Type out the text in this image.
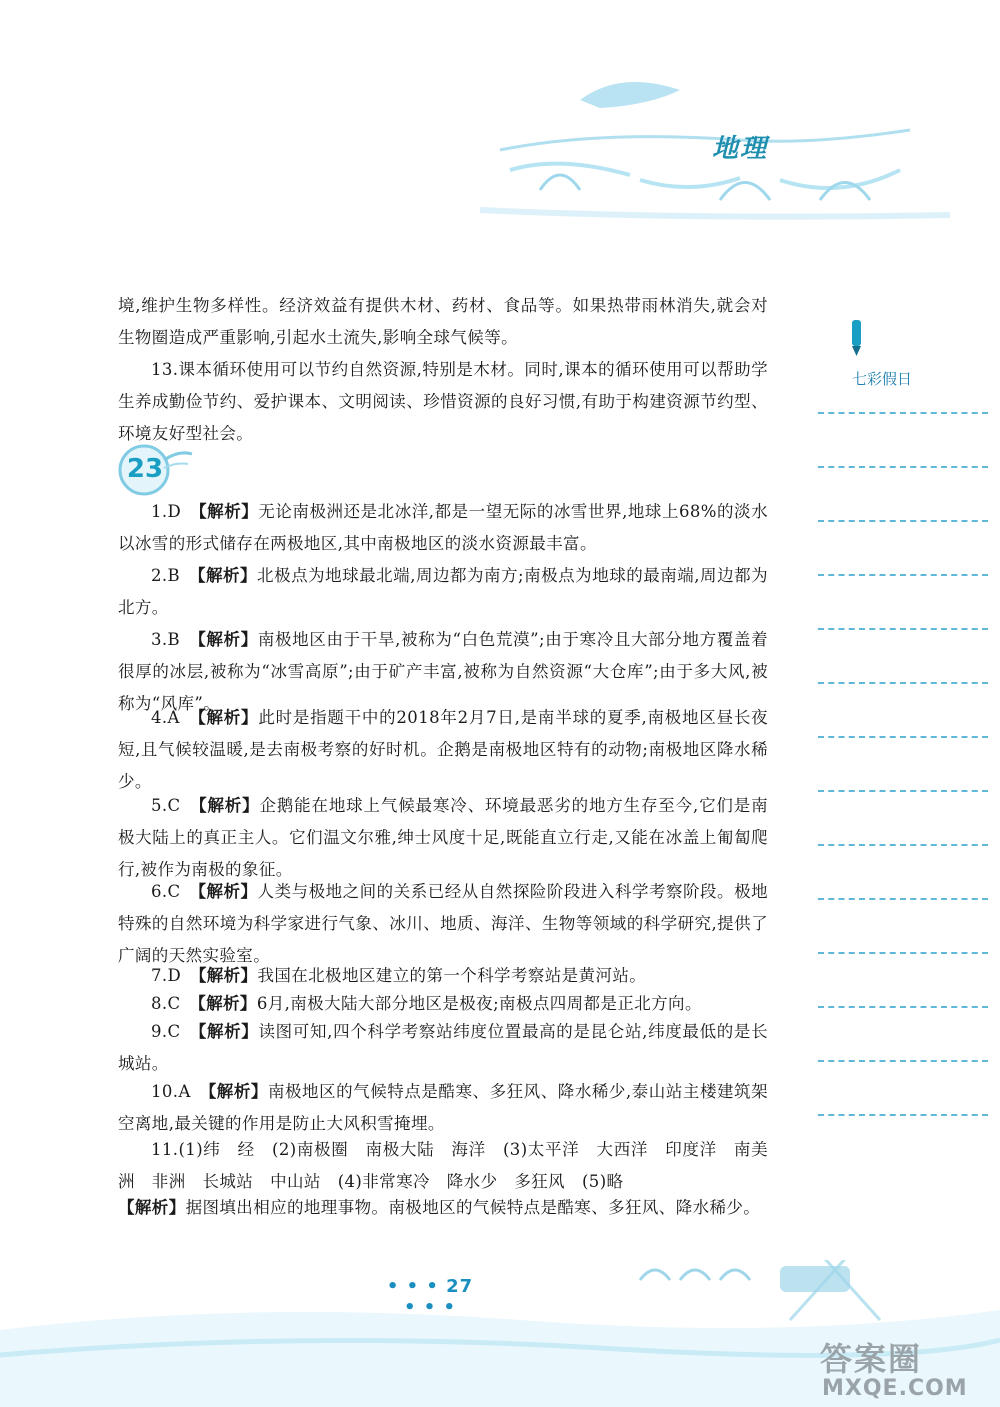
地理
七彩假日
23

境,维护生物多样性。经济效益有提供木材、药材、食品等。如果热带雨林消失,就会对生物圈造成严重影响,引起水土流失,影响全球气候等。

13.课本循环使用可以节约自然资源,特别是木材。同时,课本的循环使用可以帮助学生养成勤俭节约、爱护课本、文明阅读、珍惜资源的良好习惯,有助于构建资源节约型、环境友好型社会。

1.D　 【解析】无论南极洲还是北冰洋,都是一望无际的冰雪世界,地球上68%的淡水以冰雪的形式储存在两极地区,其中南极地区的淡水资源最丰富。

2.B　 【解析】北极点为地球最北端,周边都为南方;南极点为地球的最南端,周边都为北方。

3.B　 【解析】南极地区由于干旱,被称为“白色荒漠”;由于寒冷且大部分地方覆盖着很厚的冰层,被称为“冰雪高原”;由于矿产丰富,被称为自然资源“大仓库”;由于多大风,被称为“风库”。

4.A　 【解析】此时是指题干中的2018年2月7日,是南半球的夏季,南极地区昼长夜短,且气候较温暖,是去南极考察的好时机。企鹅是南极地区特有的动物;南极地区降水稀少。

5.C　 【解析】企鹅能在地球上气候最寒冷、环境最恶劣的地方生存至今,它们是南极大陆上的真正主人。它们温文尔雅,绅士风度十足,既能直立行走,又能在冰盖上匍匐爬行,被作为南极的象征。

6.C　 【解析】人类与极地之间的关系已经从自然探险阶段进入科学考察阶段。极地特殊的自然环境为科学家进行气象、冰川、地质、海洋、生物等领域的科学研究,提供了广阔的天然实验室。

7.D　 【解析】我国在北极地区建立的第一个科学考察站是黄河站。

8.C　 【解析】6月,南极大陆大部分地区是极夜;南极点四周都是正北方向。

9.C　 【解析】读图可知,四个科学考察站纬度位置最高的是昆仑站,纬度最低的是长城站。

10.A　 【解析】南极地区的气候特点是酷寒、多狂风、降水稀少,泰山站主楼建筑架空离地,最关键的作用是防止大风积雪掩埋。

11.(1)纬　经　(2)南极圈　南极大陆　海洋　(3)太平洋　大西洋　印度洋　南美洲　非洲　长城站　中山站　(4)非常寒冷　降水少　多狂风　(5)略

【解析】据图填出相应的地理事物。南极地区的气候特点是酷寒、多狂风、降水稀少。

• • • 27 • • •
答案圈
MXQE.COM
